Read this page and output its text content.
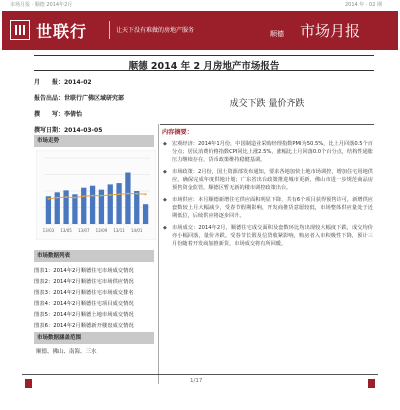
市场月报 · 顺德 2014年2月	2014 年 · 02 期
世联行	让天下没有难做的房地产服务	顺德 市场月报
顺德 2014 年 2 月房地产市场报告
月　　报：2014-02
报告出品：世联行广佛区域研究部
撰　　写：李倩怡
撰写日期：2014-03-05
市场走势
13/03 13/05 13/07 13/09 13/11 14/01
市场数据列表
图表1：2014年2月顺德住宅市场成交情况
图表2：2014年2月顺德住宅市场供应情况
图表3：2014年2月顺德住宅市场成交排名
图表4：2014年2月顺德住宅项目成交情况
图表5：2014年2月顺德土地市场成交情况
图表6：2014年2月顺德新开楼盘成交情况
市场数据涵盖范围
顺德、佛山、南海、三水
成交下跌 量价齐跌
内容摘要：

◆ 宏观经济：2014年1月份，中国制造业采购经理指数PMI为50.5%，比上月回落0.5个百分点；居民消费价格指数CPI同比上涨2.5%，涨幅比上月回落0.0个百分点，结构性通胀压力继续存在，货币政策维持稳健基调。

◆ 市场政策：2月份，国土资源部发布通知，要求各地加快土地市场调控，增加住宅用地供应，确保完成年度供地计划；广东省出台政策推进城市更新，佛山市进一步规范商品房预售资金监管，顺德区暂无新的楼市调控政策出台。

◆ 市场供应：本月顺德新增住宅供应面积明显下降，共有6个项目获得预售许可，新增供应套数较上月大幅减少，受春节假期影响，开发商推货意愿较低，市场整体供应量处于近期低位，后续供应将逐步回升。

◆ 市场成交：2014年2月，顺德住宅成交面积及套数环比均出现较大幅度下跌，成交均价亦小幅回落，量价齐跌。受春节长假及信贷收紧影响，购房者入市积极性下降，预计三月份随着开发商加推新货，市场成交将有所回暖。

1/17
